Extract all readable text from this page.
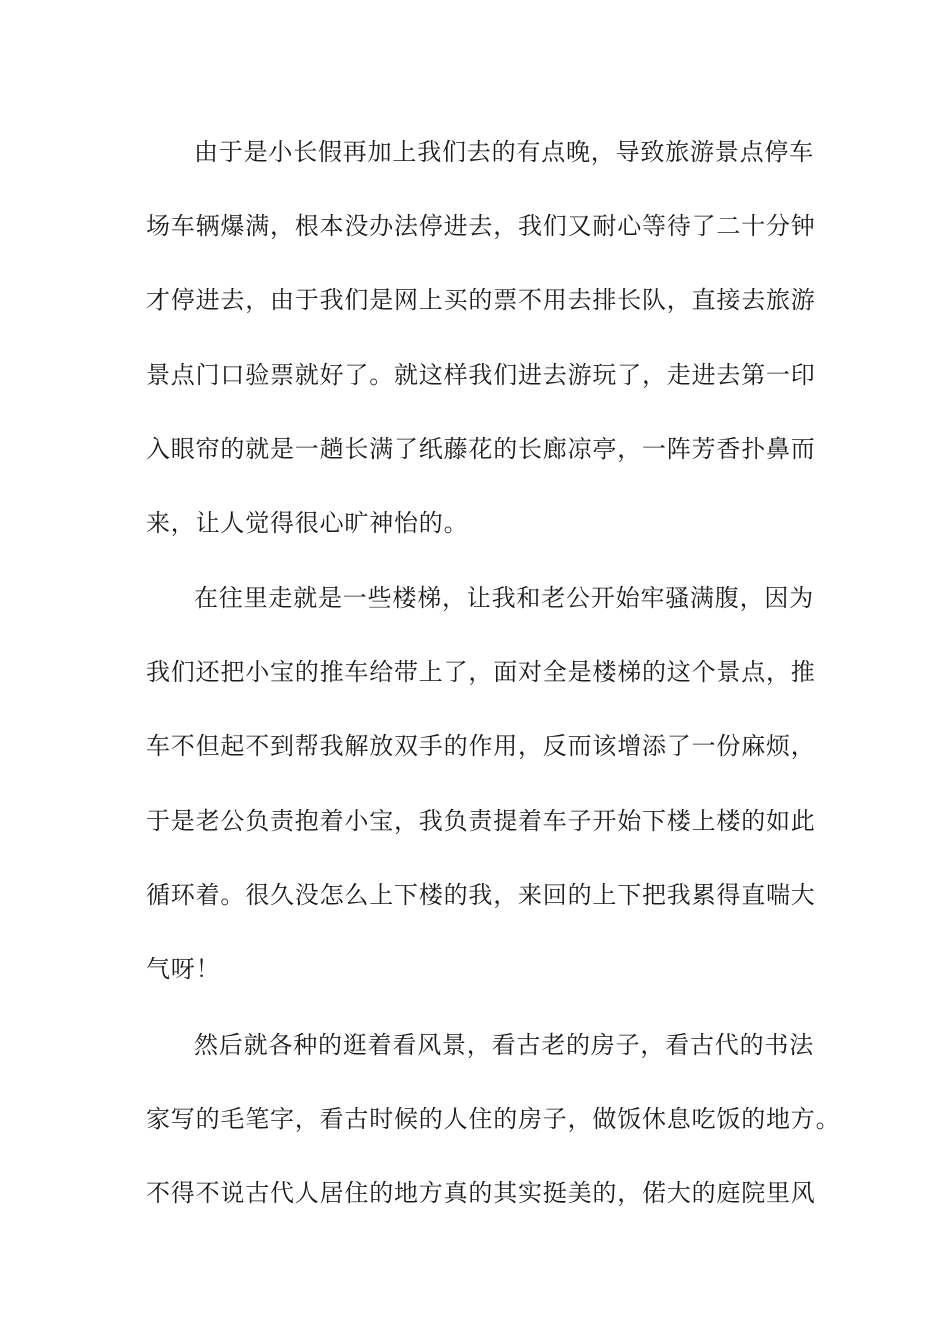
由于是小长假再加上我们去的有点晚，导致旅游景点停车
场车辆爆满，根本没办法停进去，我们又耐心等待了二十分钟
才停进去，由于我们是网上买的票不用去排长队，直接去旅游
景点门口验票就好了。就这样我们进去游玩了，走进去第一印
入眼帘的就是一趟长满了纸藤花的长廊凉亭，一阵芳香扑鼻而
来，让人觉得很心旷神怡的。
在往里走就是一些楼梯，让我和老公开始牢骚满腹，因为
我们还把小宝的推车给带上了，面对全是楼梯的这个景点，推
车不但起不到帮我解放双手的作用，反而该增添了一份麻烦，
于是老公负责抱着小宝，我负责提着车子开始下楼上楼的如此
循环着。很久没怎么上下楼的我，来回的上下把我累得直喘大
气呀！
然后就各种的逛着看风景，看古老的房子，看古代的书法
家写的毛笔字，看古时候的人住的房子，做饭休息吃饭的地方。
不得不说古代人居住的地方真的其实挺美的，偌大的庭院里风
